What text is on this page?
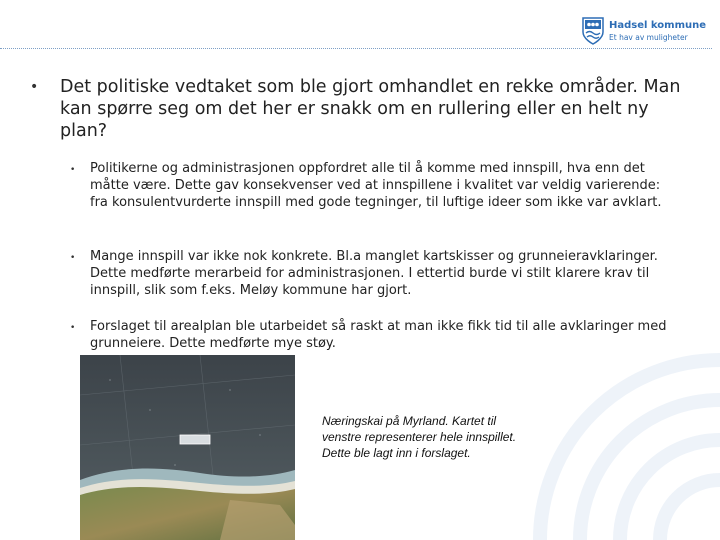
Hadsel kommune
Et hav av muligheter
• Det politiske vedtaket som ble gjort omhandlet en rekke områder. Man kan spørre seg om det her er snakk om en rullering eller en helt ny plan?
• Politikerne og administrasjonen oppfordret alle til å komme med innspill, hva enn det måtte være. Dette gav konsekvenser ved at innspillene i kvalitet var veldig varierende: fra konsulentvurderte innspill med gode tegninger, til luftige ideer som ikke var avklart.
• Mange innspill var ikke nok konkrete. Bl.a manglet kartskisser og grunneieravklaringer. Dette medførte merarbeid for administrasjonen. I ettertid burde vi stilt klarere krav til innspill, slik som f.eks. Meløy kommune har gjort.
• Forslaget til arealplan ble utarbeidet så raskt at man ikke fikk tid til alle avklaringer med grunneiere. Dette medførte mye støy.
Næringskai på Myrland. Kartet til venstre representerer hele innspillet. Dette ble lagt inn i forslaget.
